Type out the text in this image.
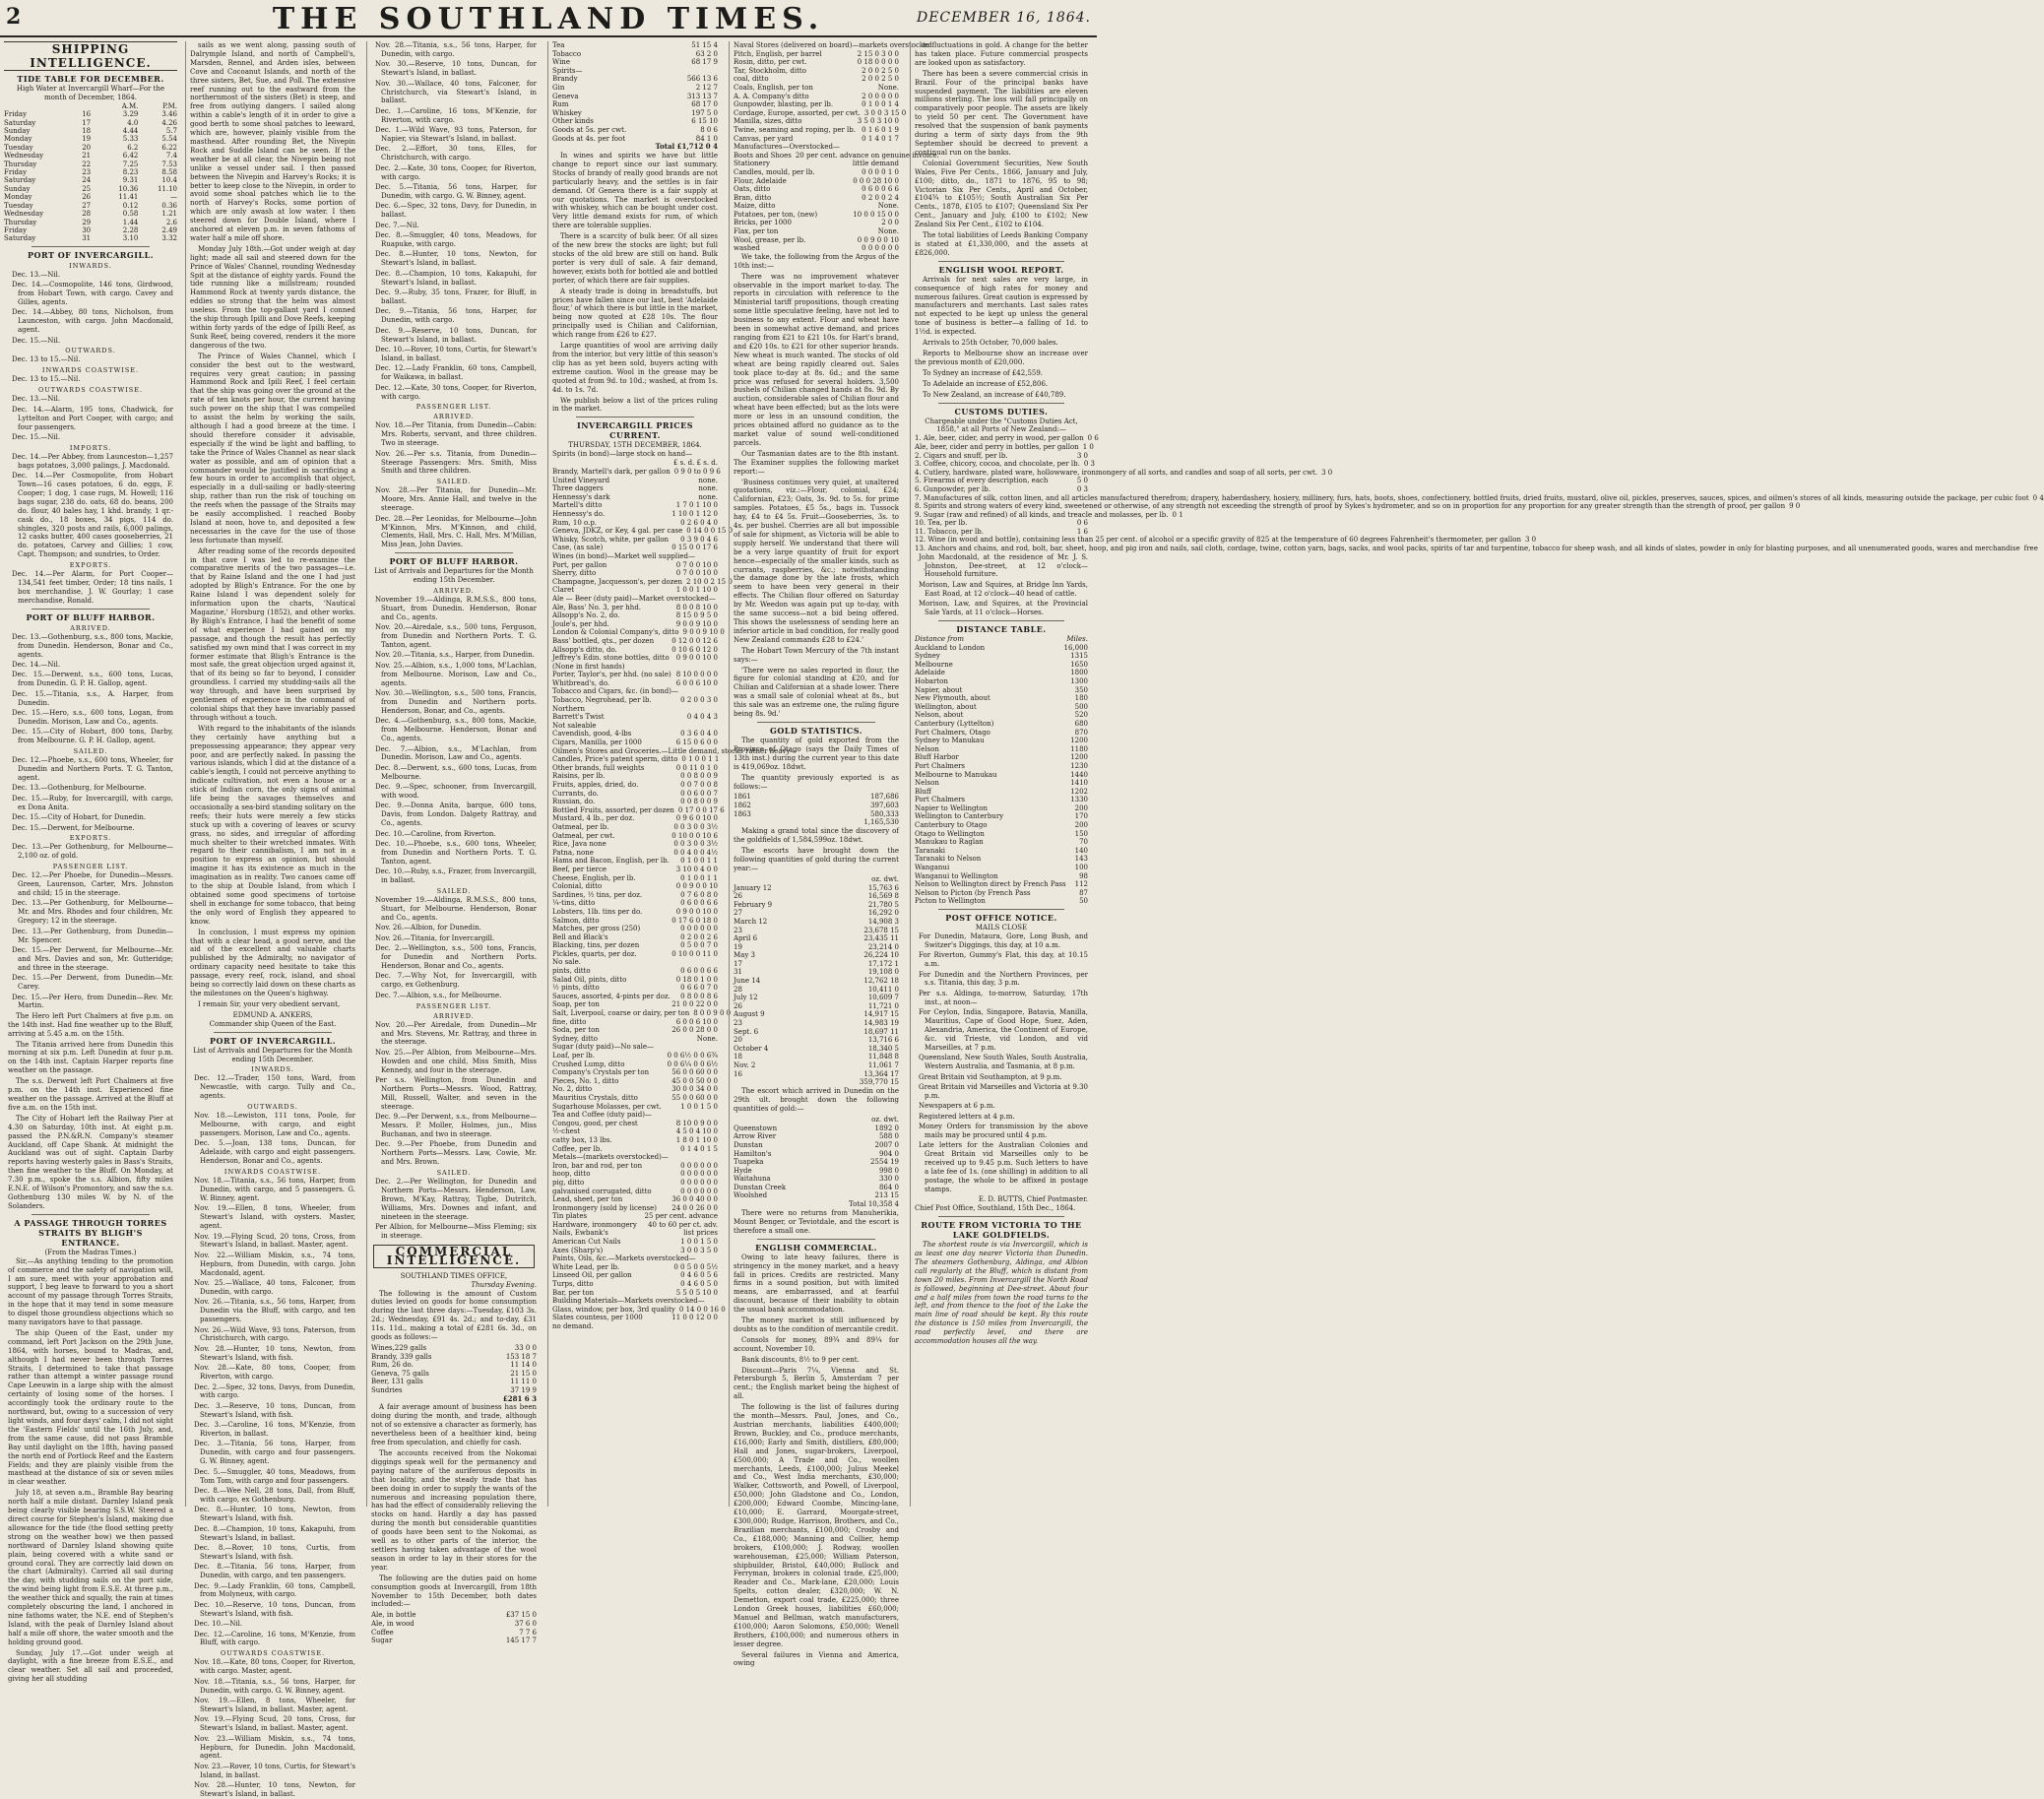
2	THE SOUTHLAND TIMES.	DECEMBER 16, 1864.
SHIPPING INTELLIGENCE.
TIDE TABLE FOR DECEMBER.
High Water at Invercargill Wharf—For the month of December, 1864.
		A.M.	P.M.
Friday	16	3.29	3.46
Saturday	17	4.0	4.26
Sunday	18	4.44	5.7
Monday	19	5.33	5.54
Tuesday	20	6.2	6.22
Wednesday	21	6.42	7.4
Thursday	22	7.25	7.53
Friday	23	8.23	8.58
Saturday	24	9.31	10.4
Sunday	25	10.36	11.10
Monday	26	11.41	—
Tuesday	27	0.12	0.36
Wednesday	28	0.58	1.21
Thursday	29	1.44	2.6
Friday	30	2.28	2.49
Saturday	31	3.10	3.32
PORT OF INVERCARGILL.
INWARDS.
Dec. 13.—Nil.
Dec. 14.—Cosmopolite, 146 tons, Girdwood, from Hobart Town, with cargo. Cavey and Gilles, agents.
Dec. 14.—Abbey, 80 tons, Nicholson, from Launceston, with cargo. John Macdonald, agent.
Dec. 15.—Nil.
OUTWARDS.
Dec. 13 to 15.—Nil.
INWARDS COASTWISE.
Dec. 13 to 15.—Nil.
OUTWARDS COASTWISE.
Dec. 13.—Nil.
Dec. 14.—Alarm, 195 tons, Chadwick, for Lyttelton and Port Cooper, with cargo; and four passengers.
Dec. 15.—Nil.
IMPORTS.
Dec. 14.—Per Abbey, from Launceston—1,257 bags potatoes, 3,000 palings, J. Macdonald.
Dec. 14.—Per Cosmopolite, from Hobart Town—16 cases potatoes, 6 do. eggs, F. Cooper; 1 dog, 1 case rugs, M. Howell; 116 bags sugar, 238 do. oats, 68 do. beans, 200 do. flour, 40 bales hay, 1 khd. brandy, 1 qr.-cask do., 18 boxes, 34 pigs, 114 do. shingles, 320 posts and rails, 6,000 palings, 12 casks butter, 400 cases gooseberries, 21 do. potatoes, Carvey and Gillies; 1 cow, Capt. Thompson; and sundries, to Order.
EXPORTS.
Dec. 14.—Per Alarm, for Port Cooper—134,541 feet timber, Order; 18 tins nails, 1 box merchandise, J. W. Gourlay; 1 case merchandise, Ronald.
PORT OF BLUFF HARBOR.
ARRIVED.
Dec. 13.—Gothenburg, s.s., 800 tons, Mackie, from Dunedin. Henderson, Bonar and Co., agents.
Dec. 14.—Nil.
Dec. 15.—Derwent, s.s., 600 tons, Lucas, from Dunedin. G. P. H. Gallop, agent.
Dec. 15.—Titania, s.s., A. Harper, from Dunedin.
Dec. 15.—Hero, s.s., 600 tons, Logan, from Dunedin. Morison, Law and Co., agents.
Dec. 15.—City of Hobart, 800 tons, Darby, from Melbourne. G. P. H. Gallop, agent.
SAILED.
Dec. 12.—Phoebe, s.s., 600 tons, Wheeler, for Dunedin and Northern Ports. T. G. Tanton, agent.
Dec. 13.—Gothenburg, for Melbourne.
Dec. 15.—Ruby, for Invercargill, with cargo, ex Dona Anita.
Dec. 15.—City of Hobart, for Dunedin.
Dec. 15.—Derwent, for Melbourne.
EXPORTS.
Dec. 13.—Per Gothenburg, for Melbourne—2,100 oz. of gold.
PASSENGER LIST.
Dec. 12.—Per Phoebe, for Dunedin—Messrs. Green, Laurenson, Carter, Mrs. Johnston and child; 15 in the steerage.
Dec. 13.—Per Gothenburg, for Melbourne—Mr. and Mrs. Rhodes and four children, Mr. Gregory; 12 in the steerage.
Dec. 13.—Per Gothenburg, from Dunedin—Mr. Spencer.
Dec. 15.—Per Derwent, for Melbourne—Mr. and Mrs. Davies and son, Mr. Gutteridge; and three in the steerage.
Dec. 15.—Per Derwent, from Dunedin—Mr. Carey.
Dec. 15.—Per Hero, from Dunedin—Rev. Mr. Martin.

The Hero left Port Chalmers at five p.m. on the 14th inst. Had fine weather up to the Bluff, arriving at 5.45 a.m. on the 15th.

The Titania arrived here from Dunedin this morning at six p.m. Left Dunedin at four p.m. on the 14th inst. Captain Harper reports fine weather on the passage.

The s.s. Derwent left Port Chalmers at five p.m. on the 14th inst. Experienced fine weather on the passage. Arrived at the Bluff at five a.m. on the 15th inst.

The City of Hobart left the Railway Pier at 4.30 on Saturday, 10th inst. At eight p.m. passed the P.N.&R.N. Company's steamer Auckland, off Cape Shank. At midnight the Auckland was out of sight. Captain Darby reports having westerly gales in Bass's Straits, then fine weather to the Bluff. On Monday, at 7.30 p.m., spoke the s.s. Albion, fifty miles E.N.E. of Wilson's Promontory, and saw the s.s. Gothenburg 130 miles W. by N. of the Solanders.

A PASSAGE THROUGH TORRES STRAITS BY BLIGH'S ENTRANCE.
(From the Madras Times.)

Sir,—As anything tending to the promotion of commerce and the safety of navigation will, I am sure, meet with your approbation and support, I beg leave to forward to you a short account of my passage through Torres Straits, in the hope that it may tend in some measure to dispel those groundless objections which so many navigators have to that passage.

The ship Queen of the East, under my command, left Port Jackson on the 29th June, 1864, with horses, bound to Madras, and, although I had never been through Torres Straits, I determined to take that passage rather than attempt a winter passage round Cape Leeuwin in a large ship with the almost certainty of losing some of the horses. I accordingly took the ordinary route to the northward, but, owing to a succession of very light winds, and four days' calm, I did not sight the 'Eastern Fields' until the 16th July, and, from the same cause, did not pass Bramble Bay until daylight on the 18th, having passed the north end of Portlock Reef and the Eastern Fields; and they are plainly visible from the masthead at the distance of six or seven miles in clear weather.

July 18, at seven a.m., Bramble Bay bearing north half a mile distant. Darnley Island peak being clearly visible bearing S.S.W. Steered a direct course for Stephen's Island, making due allowance for the tide (the flood setting pretty strong on the weather bow) we then passed northward of Darnley Island showing quite plain, being covered with a white sand or ground coral. They are correctly laid down on the chart (Admiralty). Carried all sail during the day, with studding sails on the port side, the wind being light from E.S.E. At three p.m., the weather thick and squally, the rain at times completely obscuring the land, I anchored in nine fathoms water, the N.E. end of Stephen's Island, with the peak of Darnley Island about half a mile off shore, the water smooth and the holding ground good.

Sunday, July 17.—Got under weigh at daylight, with a fine breeze from E.S.E., and clear weather. Set all sail and proceeded, giving her all studding

sails as we went along, passing south of Dalrymple Island, and north of Campbell's, Marsden, Rennel, and Arden isles, between Cove and Cocoanut Islands, and north of the three sisters, Bet, Sue, and Poll. The extensive reef running out to the eastward from the northernmost of the sisters (Bet) is steep, and free from outlying dangers. I sailed along within a cable's length of it in order to give a good berth to some shoal patches to leeward, which are, however, plainly visible from the masthead. After rounding Bet, the Nivepin Rock and Suddle Island can be seen. If the weather be at all clear, the Nivepin being not unlike a vessel under sail. I then passed between the Nivepin and Harvey's Rocks; it is better to keep close to the Nivepin, in order to avoid some shoal patches which lie to the north of Harvey's Rocks, some portion of which are only awash at low water. I then steered down for Double Island, where I anchored at eleven p.m. in seven fathoms of water half a mile off shore.

Monday July 18th.—Got under weigh at day light; made all sail and steered down for the Prince of Wales' Channel, rounding Wednesday Spit at the distance of eighty yards. Found the tide running like a millstream; rounded Hammond Rock at twenty yards distance, the eddies so strong that the helm was almost useless. From the top-gallant yard I conned the ship through Ipilli and Dove Reefs, keeping within forty yards of the edge of Ipilli Reef, as Sunk Reef, being covered, renders it the more dangerous of the two.

The Prince of Wales Channel, which I consider the best out to the westward, requires very great caution; in passing Hammond Rock and Ipili Reef, I feel certain that the ship was going over the ground at the rate of ten knots per hour, the current having such power on the ship that I was compelled to assist the helm by working the sails, although I had a good breeze at the time. I should therefore consider it advisable, especially if the wind be light and baffling, to take the Prince of Wales Channel as near slack water as possible, and am of opinion that a commander would be justified in sacrificing a few hours in order to accomplish that object, especially in a dull-sailing or badly-steering ship, rather than run the risk of touching on the reefs when the passage of the Straits may be easily accomplished. I reached Booby Island at noon, hove to, and deposited a few necessaries in the cave for the use of those less fortunate than myself.

After reading some of the records deposited in that cave I was led to re-examine the comparative merits of the two passages—i.e. that by Raine Island and the one I had just adopted by Bligh's Entrance. For the one by Raine Island I was dependent solely for information upon the charts, 'Nautical Magazine,' Horsburg (1852), and other works. By Bligh's Entrance, I had the benefit of some of what experience I had gained on my passage, and though the result has perfectly satisfied my own mind that I was correct in my former estimate that Bligh's Entrance is the most safe, the great objection urged against it, that of its being so far to beyond, I consider groundless. I carried my studding-sails all the way through, and have been surprised by gentlemen of experience in the command of colonial ships that they have invariably passed through without a touch.

With regard to the inhabitants of the islands they certainly have anything but a prepossessing appearance; they appear very poor, and are perfectly naked. In passing the various islands, which I did at the distance of a cable's length, I could not perceive anything to indicate cultivation, not even a house or a stick of Indian corn, the only signs of animal life being the savages themselves and occasionally a sea-bird standing solitary on the reefs; their huts were merely a few sticks stuck up with a covering of leaves or scurvy grass, no sides, and irregular of affording much shelter to their wretched inmates. With regard to their cannibalism, I am not in a position to express an opinion, but should imagine it has its existence as much in the imagination as in reality. Two canoes came off to the ship at Double Island, from which I obtained some good specimens of tortoise shell in exchange for some tobacco, that being the only word of English they appeared to know.

In conclusion, I must express my opinion that with a clear head, a good nerve, and the aid of the excellent and valuable charts published by the Admiralty, no navigator of ordinary capacity need hesitate to take this passage, every reef, rock, island, and shoal being so correctly laid down on these charts as the milestones on the Queen's highway.

I remain Sir, your very obedient servant,

EDMUND A. ANKERS,
Commander ship Queen of the East.
PORT OF INVERCARGILL.
List of Arrivals and Departures for the Month ending 15th December.
INWARDS.
Dec. 12.—Trader, 150 tons, Ward, from Newcastle, with cargo. Tully and Co., agents.
OUTWARDS.
Nov. 18.—Lewiston, 111 tons, Poole, for Melbourne, with cargo, and eight passengers. Morison, Law and Co., agents.
Dec. 5.—Joan, 138 tons, Duncan, for Adelaide, with cargo and eight passengers. Henderson, Bonar and Co., agents.
INWARDS COASTWISE.
Nov. 18.—Titania, s.s., 56 tons, Harper, from Dunedin, with cargo, and 5 passengers. G. W. Binney, agent.
Nov. 19.—Ellen, 8 tons, Wheeler, from Stewart's Island, with oysters. Master, agent.
Nov. 19.—Flying Scud, 20 tons, Cross, from Stewart's Island, in ballast. Master, agent.
Nov. 22.—William Miskin, s.s., 74 tons, Hepburn, from Dunedin, with cargo. John Macdonald, agent.
Nov. 25.—Wallace, 40 tons, Falconer, from Dunedin, with cargo.
Nov. 26.—Titania, s.s., 56 tons, Harper, from Dunedin via the Bluff, with cargo, and ten passengers.
Nov. 26.—Wild Wave, 93 tons, Paterson, from Christchurch, with cargo.
Nov. 28.—Hunter, 10 tons, Newton, from Stewart's Island, with fish.
Nov. 28.—Kate, 80 tons, Cooper, from Riverton, with cargo.
Dec. 2.—Spec, 32 tons, Davys, from Dunedin, with cargo.
Dec. 3.—Reserve, 10 tons, Duncan, from Stewart's Island, with fish.
Dec. 3.—Caroline, 16 tons, M'Kenzie, from Riverton, in ballast.
Dec. 3.—Titania, 56 tons, Harper, from Dunedin, with cargo and four passengers. G. W. Binney, agent.
Dec. 5.—Smuggler, 40 tons, Meadows, from Tom Tom, with cargo and four passengers.
Dec. 8.—Wee Nell, 28 tons, Dall, from Bluff, with cargo, ex Gothenburg.
Dec. 8.—Hunter, 10 tons, Newton, from Stewart's Island, with fish.
Dec. 8.—Champion, 10 tons, Kakapuhi, from Stewart's Island, in ballast.
Dec. 8.—Rover, 10 tons, Curtis, from Stewart's Island, with fish.
Dec. 8.—Titania, 56 tons, Harper, from Dunedin, with cargo, and ten passengers.
Dec. 9.—Lady Franklin, 60 tons, Campbell, from Molyneux, with cargo.
Dec. 10.—Reserve, 10 tons, Duncan, from Stewart's Island, with fish.
Dec. 10.—Nil.
Dec. 12.—Caroline, 16 tons, M'Kenzie, from Bluff, with cargo.
OUTWARDS COASTWISE.
Nov. 18.—Kate, 80 tons, Cooper, for Riverton, with cargo. Master, agent.
Nov. 18.—Titania, s.s., 56 tons, Harper, for Dunedin, with cargo. G. W. Binney, agent.
Nov. 19.—Ellen, 8 tons, Wheeler, for Stewart's Island, in ballast. Master, agent.
Nov. 19.—Flying Scud, 20 tons, Cross, for Stewart's Island, in ballast. Master, agent.
Nov. 23.—William Miskin, s.s., 74 tons, Hepburn, for Dunedin. John Macdonald, agent.
Nov. 23.—Rover, 10 tons, Curtis, for Stewart's Island, in ballast.
Nov. 28.—Hunter, 10 tons, Newton, for Stewart's Island, in ballast.
Nov. 28.—Titania, s.s., 56 tons, Harper, for Dunedin, with cargo.
Nov. 30.—Reserve, 10 tons, Duncan, for Stewart's Island, in ballast.
Nov. 30.—Wallace, 40 tons, Falconer, for Christchurch, via Stewart's Island, in ballast.
Dec. 1.—Caroline, 16 tons, M'Kenzie, for Riverton, with cargo.
Dec. 1.—Wild Wave, 93 tons, Paterson, for Napier, via Stewart's Island, in ballast.
Dec. 2.—Effort, 30 tons, Elles, for Christchurch, with cargo.
Dec. 2.—Kate, 30 tons, Cooper, for Riverton, with cargo.
Dec. 5.—Titania, 56 tons, Harper, for Dunedin, with cargo. G. W. Binney, agent.
Dec. 6.—Spec, 32 tons, Davy, for Dunedin, in ballast.
Dec. 7.—Nil.
Dec. 8.—Smuggler, 40 tons, Meadows, for Ruapuke, with cargo.
Dec. 8.—Hunter, 10 tons, Newton, for Stewart's Island, in ballast.
Dec. 8.—Champion, 10 tons, Kakapuhi, for Stewart's Island, in ballast.
Dec. 9.—Ruby, 35 tons, Frazer, for Bluff, in ballast.
Dec. 9.—Titania, 56 tons, Harper, for Dunedin, with cargo.
Dec. 9.—Reserve, 10 tons, Duncan, for Stewart's Island, in ballast.
Dec. 10.—Rover, 10 tons, Curtis, for Stewart's Island, in ballast.
Dec. 12.—Lady Franklin, 60 tons, Campbell, for Waikawa, in ballast.
Dec. 12.—Kate, 30 tons, Cooper, for Riverton, with cargo.
PASSENGER LIST.
ARRIVED.
Nov. 18.—Per Titania, from Dunedin—Cabin: Mrs. Roberts, servant, and three children. Two in steerage.
Nov. 26.—Per s.s. Titania, from Dunedin—Steerage Passengers: Mrs. Smith, Miss Smith and three children.
SAILED.
Nov. 28.—Per Titania, for Dunedin—Mr. Moore, Mrs. Annie Hall, and twelve in the steerage.
Dec. 28.—Per Leonidas, for Melbourne—John M'Kinnon, Mrs. M'Kinnon, and child, Clements, Hall, Mrs. C. Hall, Mrs. M'Millan, Miss Jean, John Davies.
PORT OF BLUFF HARBOR.
List of Arrivals and Departures for the Month ending 15th December.
ARRIVED.
November 19.—Aldinga, R.M.S.S., 800 tons, Stuart, from Dunedin. Henderson, Bonar and Co., agents.
Nov. 20.—Airedale, s.s., 500 tons, Ferguson, from Dunedin and Northern Ports. T. G. Tanton, agent.
Nov. 20.—Titania, s.s., Harper, from Dunedin.
Nov. 25.—Albion, s.s., 1,000 tons, M'Lachlan, from Melbourne. Morison, Law and Co., agents.
Nov. 30.—Wellington, s.s., 500 tons, Francis, from Dunedin and Northern ports. Henderson, Bonar, and Co., agents.
Dec. 4.—Gothenburg, s.s., 800 tons, Mackie, from Melbourne. Henderson, Bonar and Co., agents.
Dec. 7.—Albion, s.s., M'Lachlan, from Dunedin. Morison, Law and Co., agents.
Dec. 8.—Derwent, s.s., 600 tons, Lucas, from Melbourne.
Dec. 9.—Spec, schooner, from Invercargill, with wood.
Dec. 9.—Donna Anita, barque, 600 tons, Davis, from London. Dalgety Rattray, and Co., agents.
Dec. 10.—Caroline, from Riverton.
Dec. 10.—Phoebe, s.s., 600 tons, Wheeler, from Dunedin and Northern Ports. T. G. Tanton, agent.
Dec. 10.—Ruby, s.s., Frazer, from Invercargill, in ballast.
SAILED.
November 19.—Aldinga, R.M.S.S., 800 tons, Stuart, for Melbourne. Henderson, Bonar and Co., agents.
Nov. 26.—Albion, for Dunedin.
Nov. 26.—Titania, for Invercargill.
Dec. 2.—Wellington, s.s., 500 tons, Francis, for Dunedin and Northern Ports. Henderson, Bonar and Co., agents.
Dec. 7.—Why Not, for Invercargill, with cargo, ex Gothenburg.
Dec. 7.—Albion, s.s., for Melbourne.
PASSENGER LIST.
ARRIVED.
Nov. 20.—Per Airedale, from Dunedin—Mr and Mrs. Stevens, Mr. Rattray, and three in the steerage.
Nov. 25.—Per Albion, from Melbourne—Mrs. Howden and one child, Miss Smith, Miss Kennedy, and four in the steerage.
Per s.s. Wellington, from Dunedin and Northern Ports—Messrs. Wood, Rattray, Mill, Russell, Walter, and seven in the steerage.
Dec. 9.—Per Derwent, s.s., from Melbourne—Messrs. P. Moller, Holmes, jun., Miss Buchanan, and two in steerage.
Dec. 9.—Per Phoebe, from Dunedin and Northern Ports—Messrs. Law, Cowie, Mr. and Mrs. Brown.
SAILED.
Dec. 2.—Per Wellington, for Dunedin and Northern Ports—Messrs. Henderson, Law, Brown, M'Kay, Rattray, Tigbe, Dutritch, Williams, Mrs. Downes and infant, and nineteen in the steerage.
Per Albion, for Melbourne—Miss Fleming; six in steerage.
COMMERCIAL INTELLIGENCE.
SOUTHLAND TIMES OFFICE,
Thursday Evening.

The following is the amount of Custom duties levied on goods for home consumption during the last three days:—Tuesday, £103 3s. 2d.; Wednesday, £91 4s. 2d.; and to-day, £31 11s. 11d., making a total of £281 6s. 3d., on goods as follows:—

Wines,229 galls	33 0 0
Brandy, 339 galls	153 18 7
Rum, 26 do.	11 14 0
Geneva, 75 galls	21 15 0
Beer, 131 galls	11 11 0
Sundries	37 19 9
£281 6 3

A fair average amount of business has been doing during the month, and trade, although not of so extensive a character as formerly, has nevertheless been of a healthier kind, being free from speculation, and chiefly for cash.

The accounts received from the Nokomai diggings speak well for the permanency and paying nature of the auriferous deposits in that locality, and the steady trade that has been doing in order to supply the wants of the numerous and increasing population there, has had the effect of considerably relieving the stocks on hand. Hardly a day has passed during the month but considerable quantities of goods have been sent to the Nokomai, as well as to other parts of the interior, the settlers having taken advantage of the wool season in order to lay in their stores for the year.

The following are the duties paid on home consumption goods at Invercargill, from 18th November to 15th December, both dates included:—

Ale, in bottle	£37 15 0
Ale, in wood	37 6 0
Coffee	7 7 6
Sugar	145 17 7
Tea	51 15 4
Tobacco	63 2 0
Wine	68 17 9
Spirits—
Brandy	566 13 6
Gin	2 12 7
Geneva	313 13 7
Rum	68 17 0
Whiskey	197 5 0
Other kinds	6 15 10
Goods at 5s. per cwt.	8 0 6
Goods at 4s. per foot	84 1 0
Total £1,712 0 4

In wines and spirits we have but little change to report since our last summary. Stocks of brandy of really good brands are not particularly heavy, and the settles is in fair demand. Of Geneva there is a fair supply at our quotations. The market is overstocked with whiskey, which can be bought under cost. Very little demand exists for rum, of which there are tolerable supplies.

There is a scarcity of bulk beer. Of all sizes of the new brew the stocks are light; but full stocks of the old brew are still on hand. Bulk porter is very dull of sale. A fair demand, however, exists both for bottled ale and bottled porter, of which there are fair supplies.

A steady trade is doing in breadstuffs, but prices have fallen since our last, best 'Adelaide flour,' of which there is but little in the market, being now quoted at £28 10s. The flour principally used is Chilian and Californian, which range from £26 to £27.

Large quantities of wool are arriving daily from the interior, but very little of this season's clip has as yet been sold, buyers acting with extreme caution. Wool in the grease may be quoted at from 9d. to 10d.; washed, at from 1s. 4d. to 1s. 7d.

We publish below a list of the prices ruling in the market.

INVERCARGILL PRICES CURRENT.
THURSDAY, 15TH DECEMBER, 1864.
Spirits (in bond)—large stock on hand—
£ s. d. £ s. d.
Brandy, Martell's dark, per gallon 0 9 0 to 0 9 6
United Vineyard	none.
Three daggers	none.
Hennessy's dark	none.
Martell's ditto	1 7 0 1 10 0
Hennessy's do.	1 10 0 1 12 0
Rum, 10 o.p.	0 2 6 0 4 0
Geneva, JDKZ, or Key, 4 gal. per case 0 14 0 0 15 0
Whisky, Scotch, white, per gallon	0 3 9 0 4 6
Case, (as sale)	0 15 0 0 17 6
Wines (in bond)—Market well supplied—
Port, per gallon	0 7 0 0 10 0
Sherry, ditto	0 7 0 0 10 0
Champagne, Jacquesson's, per dozen 2 10 0 2 15 0
Claret	1 0 0 1 10 0
Ale — Beer (duty paid)—Market overstocked—
Ale, Bass' No. 3, per hhd.	8 0 0 8 10 0
Allsopp's No. 2, do.	8 15 0 9 5 0
Joule's, per hhd.	9 0 0 9 10 0
London & Colonial Company's, ditto 9 0 0 9 10 0
Bass' bottled, qts., per dozen	0 12 0 0 12 6
Allsopp's ditto, do.	0 10 6 0 12 0
Jeffrey's Edin. stone bottles, ditto 0 9 0 0 10 0
(None in first hands)
Porter, Taylor's, per hhd. (no sale) 8 10 0 0 0 0
Whitbread's, do.	6 0 0 6 10 0
Tobacco and Cigars, &c. (in bond)—
Tobacco, Negrohead, per lb.	0 2 0 0 3 0
Northern
Barrett's Twist	0 4 0 4 3
Not saleable
Cavendish, good, 4-lbs	0 3 6 0 4 0
Cigars, Manilla, per 1000	6 15 0 6 0 0
Oilmen's Stores and Groceries.—Little demand, stocks rather heavy—
Candles, Price's patent sperm, ditto 0 1 0 0 1 1
Other brands, full weights	0 0 11 0 1 0
Raisins, per lb.	0 0 8 0 0 9
Fruits, apples, dried, do.	0 0 7 0 0 8
Currants, do.	0 0 6 0 0 7
Russian, do.	0 0 8 0 0 9
Bottled Fruits, assorted, per dozen 0 17 0 0 17 6
Mustard, 4 lb., per doz.	0 9 6 0 10 0
Oatmeal, per lb.	0 0 3 0 0 3½
Oatmeal, per cwt.	0 10 0 0 10 6
Rice, Java none	0 0 3 0 0 3½
Patna, none	0 0 4 0 0 4½
Hams and Bacon, English, per lb.	0 1 0 0 1 1
Beef, per tierce	3 10 0 4 0 0
Cheese, English, per lb.	0 1 0 0 1 1
Colonial, ditto	0 0 9 0 0 10
Sardines, ½ tins, per doz.	0 7 6 0 8 0
¼-tins, ditto	0 6 0 0 6 6
Lobsters, 1lb. tins per do.	0 9 0 0 10 0
Salmon, ditto	0 17 6 0 18 0
Matches, per gross (250)	0 0 0 0 0 0
Bell and Black's	0 2 0 0 2 6
Blacking, tins, per dozen	0 5 0 0 7 0
Pickles, quarts, per doz.	0 10 0 0 11 0
No sale.
pints, ditto	0 6 0 0 6 6
Salad Oil, pints, ditto	0 18 0 1 0 0
½ pints, ditto	0 6 6 0 7 0
Sauces, assorted, 4-pints per doz.	0 8 0 0 8 6
Soap, per ton	21 0 0 22 0 0
Salt, Liverpool, coarse or dairy, per ton 8 0 0 9 0 0
fine, ditto	6 0 0 6 10 0
Soda, per ton	26 0 0 28 0 0
Sydney, ditto	None.
Sugar (duty paid)—No sale—
Loaf, per lb.	0 0 6½ 0 0 6¾
Crushed Lump, ditto	0 0 6¼ 0 0 6½
Company's Crystals per ton	56 0 0 60 0 0
Pieces, No. 1, ditto	45 0 0 50 0 0
No. 2, ditto	30 0 0 34 0 0
Mauritius Crystals, ditto	55 0 0 60 0 0
Sugarhouse Molasses, per cwt.	1 0 0 1 5 0
Tea and Coffee (duty paid)—
Congou, good, per chest	8 10 0 9 0 0
½-chest	4 5 0 4 10 0
catty box, 13 lbs.	1 8 0 1 10 0
Coffee, per lb.	0 1 4 0 1 5
Metals—(markets overstocked)—
Iron, bar and rod, per ton	0 0 0 0 0 0
hoop, ditto	0 0 0 0 0 0
pig, ditto	0 0 0 0 0 0
galvanised corrugated, ditto	0 0 0 0 0 0
Lead, sheet, per ton	36 0 0 40 0 0
Ironmongery (sold by license)	24 0 0 26 0 0
Tin plates	25 per cent. advance
Hardware, ironmongery	40 to 60 per ct. adv.
Nails, Ewbank's	list prices
American Cut Nails	1 0 0 1 5 0
Axes (Sharp's)	3 0 0 3 5 0
Paints, Oils, &c.—Markets overstocked—
White Lead, per lb.	0 0 5 0 0 5½
Linseed Oil, per gallon	0 4 6 0 5 6
Turps, ditto	0 4 6 0 5 0
Bar, per ton	5 5 0 5 10 0
Building Materials—Markets overstocked—
Glass, window, per box, 3rd quality 0 14 0 0 16 0
Slates countess, per 1000	11 0 0 12 0 0
no demand.
Naval Stores (delivered on board)—markets overstocked
Pitch, English, per barrel	2 15 0 3 0 0
Rosin, ditto, per cwt.	0 18 0 0 0 0
Tar, Stockholm, ditto	2 0 0 2 5 0
coal, ditto	2 0 0 2 5 0
Coals, English, per ton	None.
A. A. Company's ditto	2 0 0 0 0 0
Gunpowder, blasting, per lb.	0 1 0 0 1 4
Cordage, Europe, assorted, per cwt. 3 0 0 3 15 0
Manilla, sizes, ditto	3 5 0 3 10 0
Twine, seaming and roping, per lb. 0 1 6 0 1 9
Canvas, per yard	0 1 4 0 1 7
Manufactures—Overstocked—
Boots and Shoes 20 per cent. advance on genuine invoice.
Stationery	little demand
Candles, mould, per lb.	0 0 0 0 1 0
Flour, Adelaide	0 0 0 28 10 0
Oats, ditto	0 6 0 0 6 6
Bran, ditto	0 2 0 0 2 4
Maize, ditto	None.
Potatoes, per ton, (new)	10 0 0 15 0 0
Bricks, per 1000	2 0 0
Flax, per ton	None.
Wool, grease, per lb.	0 0 9 0 0 10
washed	0 0 0 0 0 0

We take, the following from the Argus of the 10th inst:—

There was no improvement whatever observable in the import market to-day. The reports in circulation with reference to the Ministerial tariff propositions, though creating some little speculative feeling, have not led to business to any extent. Flour and wheat have been in somewhat active demand, and prices ranging from £21 to £21 10s. for Hart's brand, and £20 10s. to £21 for other superior brands. New wheat is much wanted. The stocks of old wheat are being rapidly cleared out. Sales took place to-day at 8s. 6d.; and the same price was refused for several holders. 3,500 bushels of Chilian changed hands at 8s. 9d. By auction, considerable sales of Chilian flour and wheat have been effected; but as the lots were more or less in an unsound condition, the prices obtained afford no guidance as to the market value of sound well-conditioned parcels.

Our Tasmanian dates are to the 8th instant. The Examiner supplies the following market report:—

'Business continues very quiet, at unaltered quotations, viz.:—Flour, colonial, £24; Californian, £23; Oats, 3s. 9d. to 5s. for prime samples. Potatoes, £5 5s., bags in. Tussock hay, £4 to £4 5s. Fruit—Gooseberries, 3s. to 4s. per bushel. Cherries are all but impossible of sale for shipment, as Victoria will be able to supply herself. We understand that there will be a very large quantity of fruit for export hence—especially of the smaller kinds, such as currants, raspberries, &c.; notwithstanding the damage done by the late frosts, which seem to have been very general in their effects. The Chilian flour offered on Saturday by Mr. Weedon was again put up to-day, with the same success—not a bid being offered. This shows the uselessness of sending here an inferior article in bad condition, for really good New Zealand commands £28 to £24.'

The Hobart Town Mercury of the 7th instant says:—

'There were no sales reported in flour, the figure for colonial standing at £20, and for Chilian and Californian at a shade lower. There was a small sale of colonial wheat at 8s., but this sale was an extreme one, the ruling figure being 8s. 9d.'

GOLD STATISTICS.

The quantity of gold exported from the Province of Otago (says the Daily Times of 13th inst.) during the current year to this date is 419,069oz. 18dwt.

The quantity previously exported is as follows:—

1861	187,686
1862	397,603
1863	580,333
1,165,530

Making a grand total since the discovery of the goldfields of 1,584,599oz. 18dwt.

The escorts have brought down the following quantities of gold during the current year:—

oz. dwt.
January 12	15,763 6
26	16,569 8
February 9	21,780 5
27	16,292 0
March 12	14,908 3
23	23,678 15
April 6	23,435 11
19	23,214 0
May 3	26,224 10
17	17,172 1
31	19,108 0
June 14	12,762 18
28	10,411 0
July 12	10,609 7
26	11,721 0
August 9	14,917 15
23	14,983 19
Sept. 6	18,697 11
20	13,716 6
October 4	18,340 5
18	11,848 8
Nov. 2	11,061 7
16	13,364 17
359,770 15

The escort which arrived in Dunedin on the 29th ult. brought down the following quantities of gold:—

oz. dwt.
Queenstown	1892 0
Arrow River	588 0
Dunstan	2007 0
Hamilton's	904 0
Tuapeka	2554 19
Hyde	998 0
Waitahuna	330 0
Dunstan Creek	864 0
Woolshed	213 15
Total 10,358 4

There were no returns from Manuherikia, Mount Benger, or Teviotdale, and the escort is therefore a small one.

ENGLISH COMMERCIAL.

Owing to late heavy failures, there is stringency in the money market, and a heavy fall in prices. Credits are restricted. Many firms in a sound position, but with limited means, are embarrassed, and at fearful discount, because of their inability to obtain the usual bank accommodation.

The money market is still influenced by doubts as to the condition of mercantile credit.

Consols for money, 89¾ and 89¼ for account, November 10.

Bank discounts, 8½ to 9 per cent.

Discount—Paris 7¼, Vienna and St. Petersburgh 5, Berlin 5, Amsterdam 7 per cent.; the English market being the highest of all.

The following is the list of failures during the month—Messrs. Paul, Jones, and Co., Austrian merchants, liabilities £400,000; Brown, Buckley, and Co., produce merchants, £16,000; Early and Smith, distillers, £80,000; Hall and Jones, sugar-brokers, Liverpool, £500,000; A Trade and Co., woollen merchants, Leeds, £100,000; Julius Meekel and Co., West India merchants, £30,000; Walker, Cottsworth, and Powell, of Liverpool, £50,000; John Gladstone and Co., London, £200,000; Edward Coombe, Mincing-lane, £10,000; E. Garrard, Moorgate-street, £300,000; Rudge, Harrison, Brothers, and Co., Brazilian merchants, £100,000; Crosby and Co., £188,000; Manning and Collier, hemp brokers, £100,000; J. Rodway, woollen warehouseman, £25,000; William Paterson, shipbuilder, Bristol, £40,000; Bullock and Ferryman, brokers in colonial trade, £25,000; Reader and Co., Mark-lane, £20,000; Louis Spelts, cotton dealer, £320,000; W. N. Demetton, export coal trade, £225,000; three London Greek houses, liabilities £60,000; Manuel and Bellman, watch manufacturers, £100,000; Aaron Solomons, £50,000; Wenell Brothers, £100,000; and numerous others in lesser degree.

Several failures in Vienna and America, owing

to fluctuations in gold. A change for the better has taken place. Future commercial prospects are looked upon as satisfactory.

There has been a severe commercial crisis in Brazil. Four of the principal banks have suspended payment. The liabilities are eleven millions sterling. The loss will fall principally on comparatively poor people. The assets are likely to yield 50 per cent. The Government have resolved that the suspension of bank payments during a term of sixty days from the 9th September should be decreed to prevent a continual run on the banks.

Colonial Government Securities, New South Wales, Five Per Cents., 1866, January and July, £100; ditto, do., 1871 to 1876, 95 to 98; Victorian Six Per Cents., April and October, £104¾ to £105½; South Australian Six Per Cents., 1878, £105 to £107; Queensland Six Per Cent., January and July, £100 to £102; New Zealand Six Per Cent., £102 to £104.

The total liabilities of Leeds Banking Company is stated at £1,330,000, and the assets at £826,000.

ENGLISH WOOL REPORT.

Arrivals for next sales are very large, in consequence of high rates for money and numerous failures. Great caution is expressed by manufacturers and merchants. Last sales rates not expected to be kept up unless the general tone of business is better—a falling of 1d. to 1½d. is expected.

Arrivals to 25th October, 70,000 bales.

Reports to Melbourne show an increase over the previous month of £20,000.

To Sydney an increase of £42,559.

To Adelaide an increase of £52,806.

To New Zealand, an increase of £40,789.

CUSTOMS DUTIES.
Chargeable under the "Customs Duties Act, 1858," at all Ports of New Zealand:—
1. Ale, beer, cider, and perry in wood, per gallon 0 6
Ale, beer, cider and perry in bottles, per gallon 1 0
2. Cigars and snuff, per lb.	3 0
3. Coffee, chicory, cocoa, and chocolate, per lb. 0 3
4. Cutlery, hardware, plated ware, hollowware, ironmongery of all sorts, and candles and soap of all sorts, per cwt. 3 0
5. Firearms of every description, each	5 0
6. Gunpowder, per lb.	0 3
7. Manufactures of silk, cotton linen, and all articles manufactured therefrom; drapery, haberdashery, hosiery, millinery, furs, hats, boots, shoes, confectionery, bottled fruits, dried fruits, mustard, olive oil, pickles, preserves, sauces, spices, and oilmen's stores of all kinds, measuring outside the package, per cubic foot 0 4
8. Spirits and strong waters of every kind, sweetened or otherwise, of any strength not exceeding the strength of proof by Sykes's hydrometer, and so on in proportion for any proportion for any greater strength than the strength of proof, per gallon 9 0
9. Sugar (raw and refined) of all kinds, and treacle and molasses, per lb. 0 1
10. Tea, per lb.	0 6
11. Tobacco, per lb.	1 6
12. Wine (in wood and bottle), containing less than 25 per cent. of alcohol or a specific gravity of 825 at the temperature of 60 degrees Fahrenheit's thermometer, per gallon 3 0
13. Anchors and chains, and rod, bolt, bar, sheet, hoop, and pig iron and nails, sail cloth, cordage, twine, cotton yarn, bags, sacks, and wool packs, spirits of tar and turpentine, tobacco for sheep wash, and all kinds of slates, powder in only for blasting purposes, and all unenumerated goods, wares and merchandise free
John Macdonald, at the residence of Mr. J. S. Johnston, Dee-street, at 12 o'clock—Household furniture.
Morison, Law and Squires, at Bridge Inn Yards, East Road, at 12 o'clock—40 head of cattle.
Morison, Law, and Squires, at the Provincial Sale Yards, at 11 o'clock—Horses.
DISTANCE TABLE.
Distance from	Miles.
Auckland to London	16,000
Sydney	1315
Melbourne	1650
Adelaide	1800
Hobarton	1300
Napier, about	350
New Plymouth, about	180
Wellington, about	500
Nelson, about	520
Canterbury (Lyttelton)	680
Port Chalmers, Otago	870
Sydney to Manukau	1200
Nelson	1180
Bluff Harbor	1200
Port Chalmers	1230
Melbourne to Manukau	1440
Nelson	1410
Bluff	1202
Port Chalmers	1330
Napier to Wellington	200
Wellington to Canterbury	170
Canterbury to Otago	200
Otago to Wellington	150
Manukau to Raglan	70
Taranaki	140
Taranaki to Nelson	143
Wanganui	100
Wanganui to Wellington	98
Nelson to Wellington direct by French Pass	112
Nelson to Picton (by French Pass	87
Picton to Wellington	50
POST OFFICE NOTICE.
MAILS CLOSE
For Dunedin, Mataura, Gore, Long Bush, and Switzer's Diggings, this day, at 10 a.m.
For Riverton, Gummy's Flat, this day, at 10.15 a.m.
For Dunedin and the Northern Provinces, per s.s. Titania, this day, 3 p.m.
Per s.s. Aldinga, to-morrow, Saturday, 17th inst., at noon—
For Ceylon, India, Singapore, Batavia, Manilla, Mauritius, Cape of Good Hope, Suez, Aden, Alexandria, America, the Continent of Europe, &c. vid Trieste, vid London, and vid Marseilles, at 7 p.m.
Queensland, New South Wales, South Australia, Western Australia, and Tasmania, at 8 p.m.
Great Britain vid Southampton, at 9 p.m.
Great Britain vid Marseilles and Victoria at 9.30 p.m.
Newspapers at 6 p.m.
Registered letters at 4 p.m.
Money Orders for transmission by the above mails may be procured until 4 p.m.
Late letters for the Australian Colonies and Great Britain vid Marseilles only to be received up to 9.45 p.m. Such letters to have a late fee of 1s. (one shilling) in addition to all postage, the whole to be affixed in postage stamps.
E. D. BUTTS, Chief Postmaster.
Chief Post Office, Southland, 15th Dec., 1864.
ROUTE FROM VICTORIA TO THE LAKE GOLDFIELDS.

The shortest route is via Invercargill, which is as least one day nearer Victoria than Dunedin. The steamers Gothenburg, Aldinga, and Albion call regularly at the Bluff, which is distant from town 20 miles. From Invercargill the North Road is followed, beginning at Dee-street. About four and a half miles from town the road turns to the left, and from thence to the foot of the Lake the main line of road should be kept. By this route the distance is 150 miles from Invercargill, the road perfectly level, and there are accommodation houses all the way.
